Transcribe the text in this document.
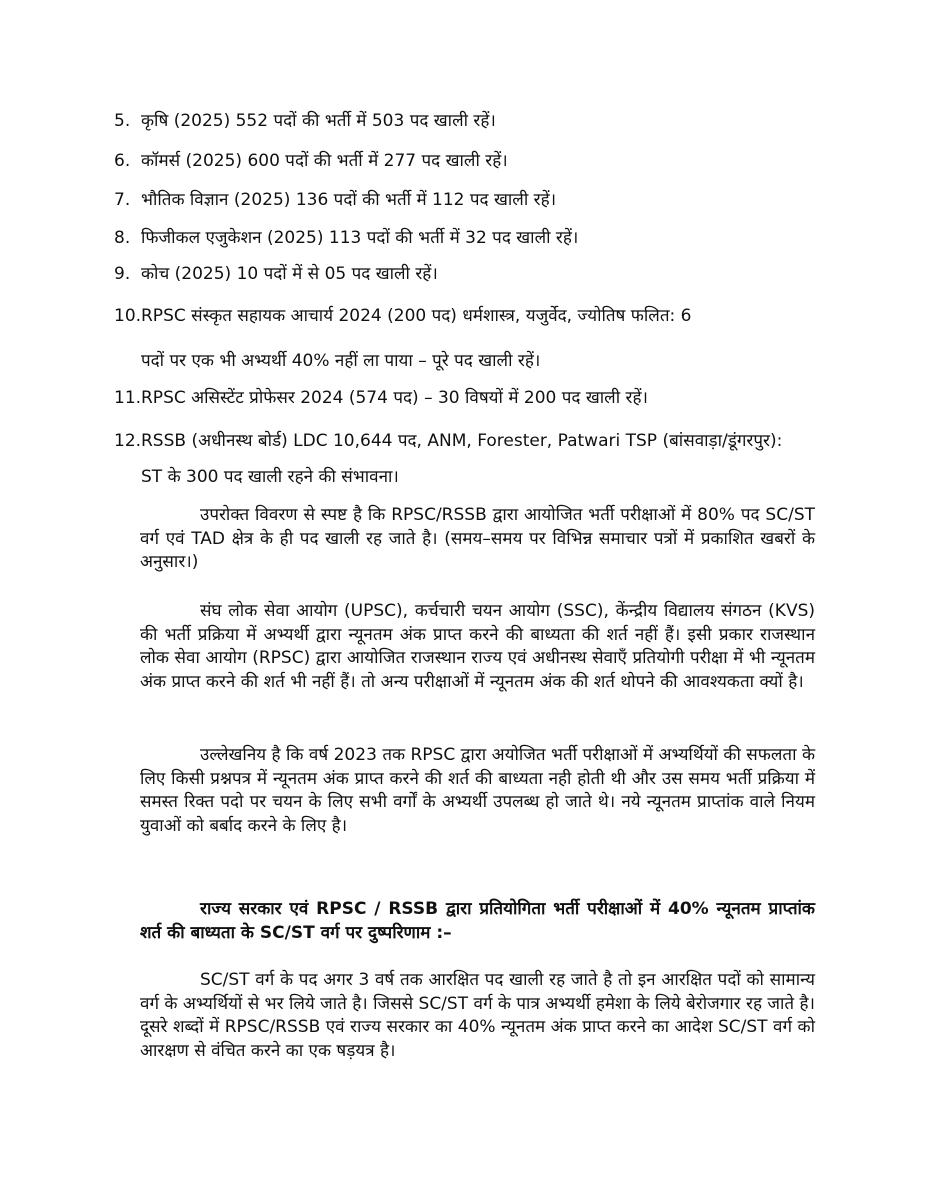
5. कृषि (2025) 552 पदों की भर्ती में 503 पद खाली रहें।
6. कॉमर्स (2025) 600 पदों की भर्ती में 277 पद खाली रहें।
7. भौतिक विज्ञान (2025) 136 पदों की भर्ती में 112 पद खाली रहें।
8. फिजीकल एजुकेशन (2025) 113 पदों की भर्ती में 32 पद खाली रहें।
9. कोच (2025) 10 पदों में से 05 पद खाली रहें।
10.RPSC संस्कृत सहायक आचार्य 2024 (200 पद) धर्मशास्त्र, यजुर्वेद, ज्योतिष फलित: 6
पदों पर एक भी अभ्यर्थी 40% नहीं ला पाया – पूरे पद खाली रहें।
11.RPSC असिस्टेंट प्रोफेसर 2024 (574 पद) – 30 विषयों में 200 पद खाली रहें।
12.RSSB (अधीनस्थ बोर्ड) LDC 10,644 पद, ANM, Forester, Patwari TSP (बांसवाड़ा/डूंगरपुर):
ST के 300 पद खाली रहने की संभावना।

उपरोक्त विवरण से स्पष्ट है कि RPSC/RSSB द्वारा आयोजित भर्ती परीक्षाओं में 80% पद SC/ST वर्ग एवं TAD क्षेत्र के ही पद खाली रह जाते है। (समय–समय पर विभिन्न समाचार पत्रों में प्रकाशित खबरों के अनुसार।)

संघ लोक सेवा आयोग (UPSC), कर्चचारी चयन आयोग (SSC), केंन्द्रीय विद्यालय संगठन (KVS) की भर्ती प्रक्रिया में अभ्यर्थी द्वारा न्यूनतम अंक प्राप्त करने की बाध्यता की शर्त नहीं हैं। इसी प्रकार राजस्थान लोक सेवा आयोग (RPSC) द्वारा आयोजित राजस्थान राज्य एवं अधीनस्थ सेवाएँ प्रतियोगी परीक्षा में भी न्यूनतम अंक प्राप्त करने की शर्त भी नहीं हैं। तो अन्य परीक्षाओं में न्यूनतम अंक की शर्त थोपने की आवश्यकता क्यों है।

उल्लेखनिय है कि वर्ष 2023 तक RPSC द्वारा अयोजित भर्ती परीक्षाओं में अभ्यर्थियों की सफलता के लिए किसी प्रश्नपत्र में न्यूनतम अंक प्राप्त करने की शर्त की बाध्यता नही होती थी और उस समय भर्ती प्रक्रिया में समस्त रिक्त पदो पर चयन के लिए सभी वर्गों के अभ्यर्थी उपलब्ध हो जाते थे। नये न्यूनतम प्राप्तांक वाले नियम युवाओं को बर्बाद करने के लिए है।

राज्य सरकार एवं RPSC / RSSB द्वारा प्रतियोगिता भर्ती परीक्षाओं में 40% न्यूनतम प्राप्तांक शर्त की बाध्यता के SC/ST वर्ग पर दुष्परिणाम :–

SC/ST वर्ग के पद अगर 3 वर्ष तक आरक्षित पद खाली रह जाते है तो इन आरक्षित पदों को सामान्य वर्ग के अभ्यर्थियों से भर लिये जाते है। जिससे SC/ST वर्ग के पात्र अभ्यर्थी हमेशा के लिये बेरोजगार रह जाते है। दूसरे शब्दों में RPSC/RSSB एवं राज्य सरकार का 40% न्यूनतम अंक प्राप्त करने का आदेश SC/ST वर्ग को आरक्षण से वंचित करने का एक षड़यत्र है।
